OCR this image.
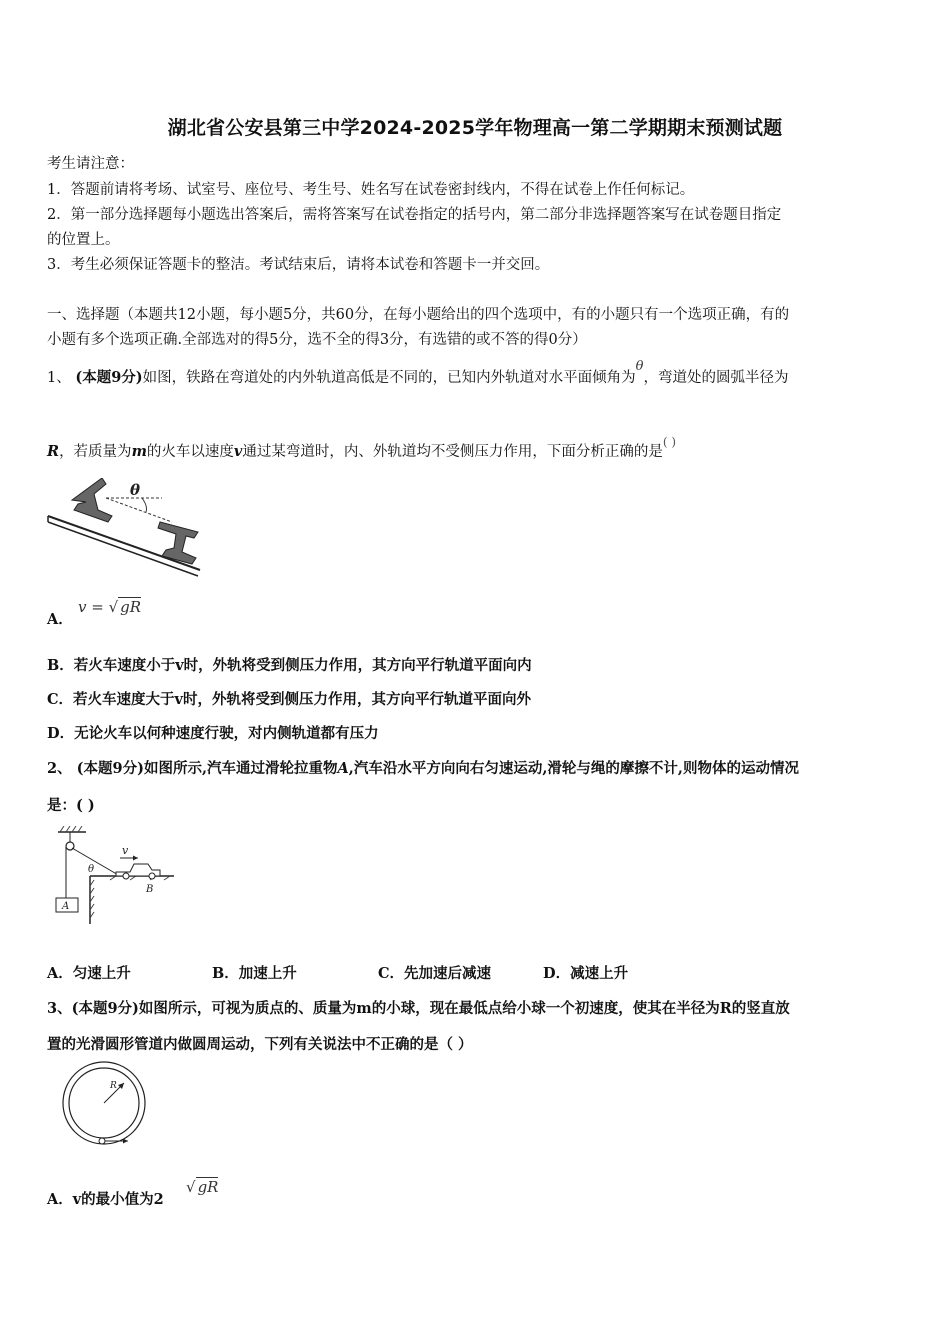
湖北省公安县第三中学2024-2025学年物理高一第二学期期末预测试题
考生请注意：
1．答题前请将考场、试室号、座位号、考生号、姓名写在试卷密封线内，不得在试卷上作任何标记。
2．第一部分选择题每小题选出答案后，需将答案写在试卷指定的括号内，第二部分非选择题答案写在试卷题目指定
的位置上。
3．考生必须保证答题卡的整洁。考试结束后，请将本试卷和答题卡一并交回。
一、选择题（本题共12小题，每小题5分，共60分，在每小题给出的四个选项中，有的小题只有一个选项正确，有的
小题有多个选项正确.全部选对的得5分，选不全的得3分，有选错的或不答的得0分）
1、 (本题9分)如图，铁路在弯道处的内外轨道高低是不同的，已知内外轨道对水平面倾角为θ，弯道处的圆弧半径为
R，若质量为m的火车以速度v通过某弯道时，内、外轨道均不受侧压力作用，下面分析正确的是( )
θ
A．
v = √ gR
B．若火车速度小于v时，外轨将受到侧压力作用，其方向平行轨道平面向内
C．若火车速度大于v时，外轨将受到侧压力作用，其方向平行轨道平面向外
D．无论火车以何种速度行驶，对内侧轨道都有压力
2、 (本题9分)如图所示,汽车通过滑轮拉重物A,汽车沿水平方向向右匀速运动,滑轮与绳的摩擦不计,则物体的运动情况
是：( )
A
θ
v
B
A．匀速上升	B．加速上升	C．先加速后减速	D．减速上升
3、(本题9分)如图所示，可视为质点的、质量为m的小球，现在最低点给小球一个初速度，使其在半径为R的竖直放
置的光滑圆形管道内做圆周运动，下列有关说法中不正确的是（ ）
R
A．v的最小值为2
√ gR
